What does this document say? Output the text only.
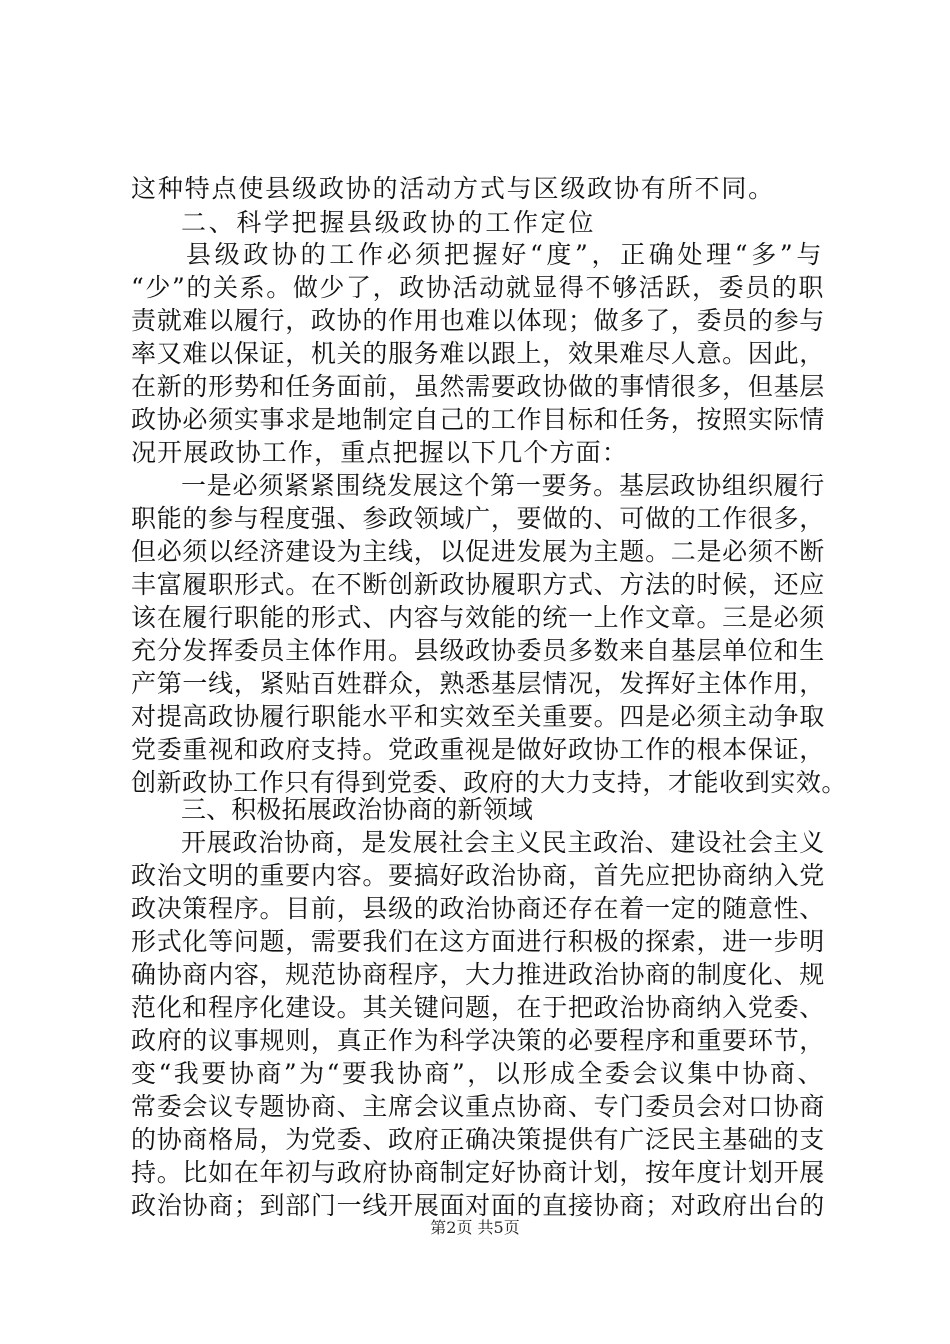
这种特点使县级政协的活动方式与区级政协有所不同。
二、科学把握县级政协的工作定位
县级政协的工作必须把握好“度”，正确处理“多”与
“少”的关系。做少了，政协活动就显得不够活跃，委员的职
责就难以履行，政协的作用也难以体现；做多了，委员的参与
率又难以保证，机关的服务难以跟上，效果难尽人意。因此，
在新的形势和任务面前，虽然需要政协做的事情很多，但基层
政协必须实事求是地制定自己的工作目标和任务，按照实际情
况开展政协工作，重点把握以下几个方面：
一是必须紧紧围绕发展这个第一要务。基层政协组织履行
职能的参与程度强、参政领域广，要做的、可做的工作很多，
但必须以经济建设为主线，以促进发展为主题。二是必须不断
丰富履职形式。在不断创新政协履职方式、方法的时候，还应
该在履行职能的形式、内容与效能的统一上作文章。三是必须
充分发挥委员主体作用。县级政协委员多数来自基层单位和生
产第一线，紧贴百姓群众，熟悉基层情况，发挥好主体作用，
对提高政协履行职能水平和实效至关重要。四是必须主动争取
党委重视和政府支持。党政重视是做好政协工作的根本保证，
创新政协工作只有得到党委、政府的大力支持，才能收到实效。
三、积极拓展政治协商的新领域
开展政治协商，是发展社会主义民主政治、建设社会主义
政治文明的重要内容。要搞好政治协商，首先应把协商纳入党
政决策程序。目前，县级的政治协商还存在着一定的随意性、
形式化等问题，需要我们在这方面进行积极的探索，进一步明
确协商内容，规范协商程序，大力推进政治协商的制度化、规
范化和程序化建设。其关键问题，在于把政治协商纳入党委、
政府的议事规则，真正作为科学决策的必要程序和重要环节，
变“我要协商”为“要我协商”，以形成全委会议集中协商、
常委会议专题协商、主席会议重点协商、专门委员会对口协商
的协商格局，为党委、政府正确决策提供有广泛民主基础的支
持。比如在年初与政府协商制定好协商计划，按年度计划开展
政治协商；到部门一线开展面对面的直接协商；对政府出台的
第2页 共5页
